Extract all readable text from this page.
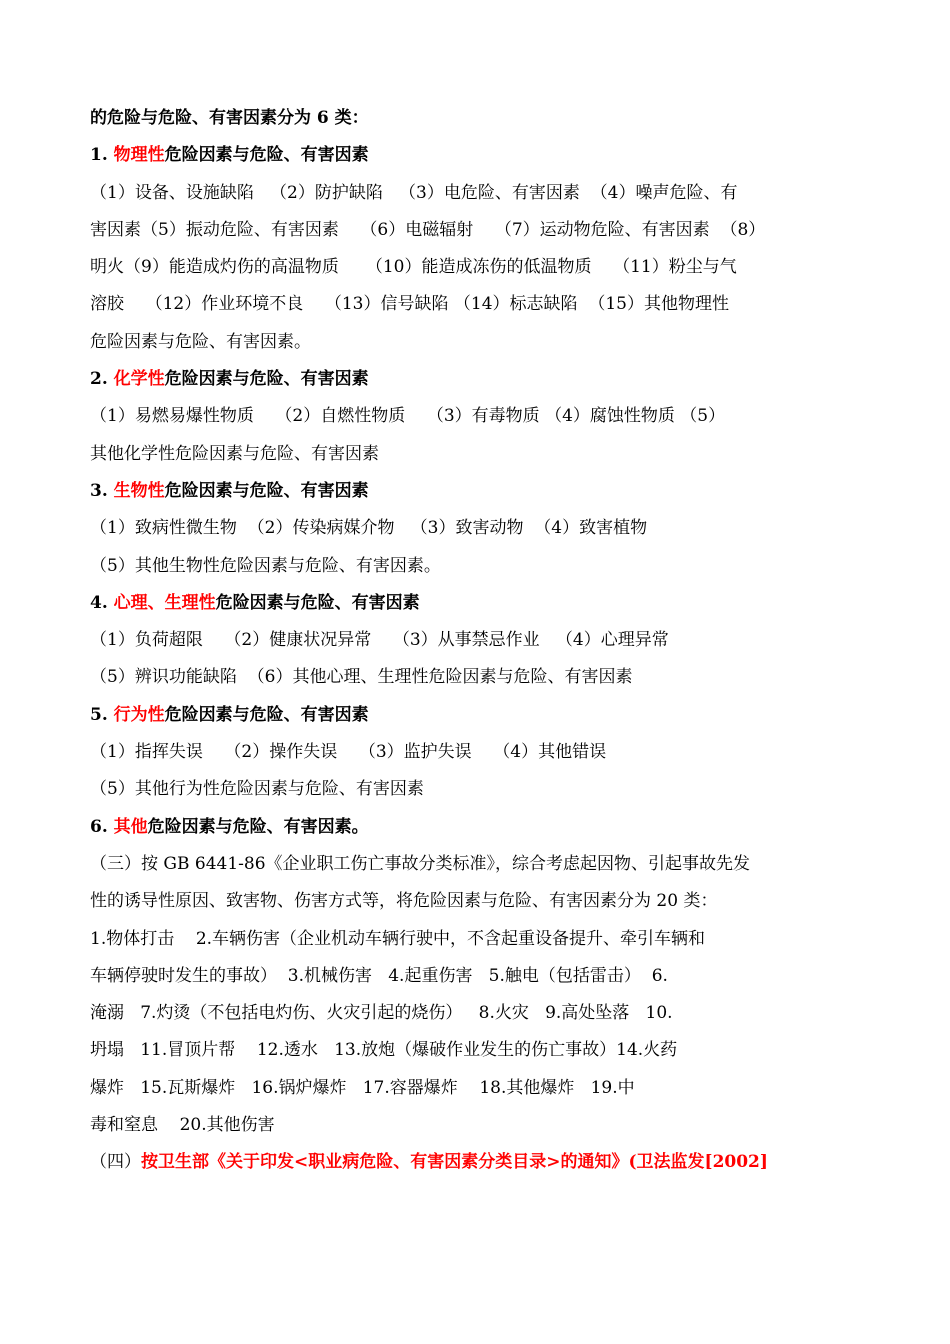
的危险与危险、有害因素分为 6 类：
1. 物理性危险因素与危险、有害因素
（1）设备、设施缺陷   （2）防护缺陷   （3）电危险、有害因素  （4）噪声危险、有
害因素（5）振动危险、有害因素    （6）电磁辐射    （7）运动物危险、有害因素  （8）
明火（9）能造成灼伤的高温物质     （10）能造成冻伤的低温物质    （11）粉尘与气
溶胶    （12）作业环境不良    （13）信号缺陷 （14）标志缺陷  （15）其他物理性
危险因素与危险、有害因素。
2. 化学性危险因素与危险、有害因素
（1）易燃易爆性物质    （2）自燃性物质    （3）有毒物质 （4）腐蚀性物质 （5）
其他化学性危险因素与危险、有害因素
3. 生物性危险因素与危险、有害因素
（1）致病性微生物  （2）传染病媒介物   （3）致害动物  （4）致害植物
（5）其他生物性危险因素与危险、有害因素。
4. 心理、生理性危险因素与危险、有害因素
（1）负荷超限    （2）健康状况异常    （3）从事禁忌作业   （4）心理异常
（5）辨识功能缺陷  （6）其他心理、生理性危险因素与危险、有害因素
5. 行为性危险因素与危险、有害因素
（1）指挥失误    （2）操作失误    （3）监护失误    （4）其他错误
（5）其他行为性危险因素与危险、有害因素
6. 其他危险因素与危险、有害因素。
（三）按 GB 6441-86《企业职工伤亡事故分类标准》，综合考虑起因物、引起事故先发
性的诱导性原因、致害物、伤害方式等，将危险因素与危险、有害因素分为 20 类：
1.物体打击    2.车辆伤害（企业机动车辆行驶中，不含起重设备提升、牵引车辆和
车辆停驶时发生的事故）  3.机械伤害   4.起重伤害   5.触电（包括雷击）  6.
淹溺   7.灼烫（不包括电灼伤、火灾引起的烧伤）   8.火灾   9.高处坠落   10.
坍塌   11.冒顶片帮    12.透水   13.放炮（爆破作业发生的伤亡事故）14.火药
爆炸   15.瓦斯爆炸   16.锅炉爆炸   17.容器爆炸    18.其他爆炸   19.中
毒和窒息    20.其他伤害
（四）按卫生部《关于印发<职业病危险、有害因素分类目录>的通知》(卫法监发[2002]
